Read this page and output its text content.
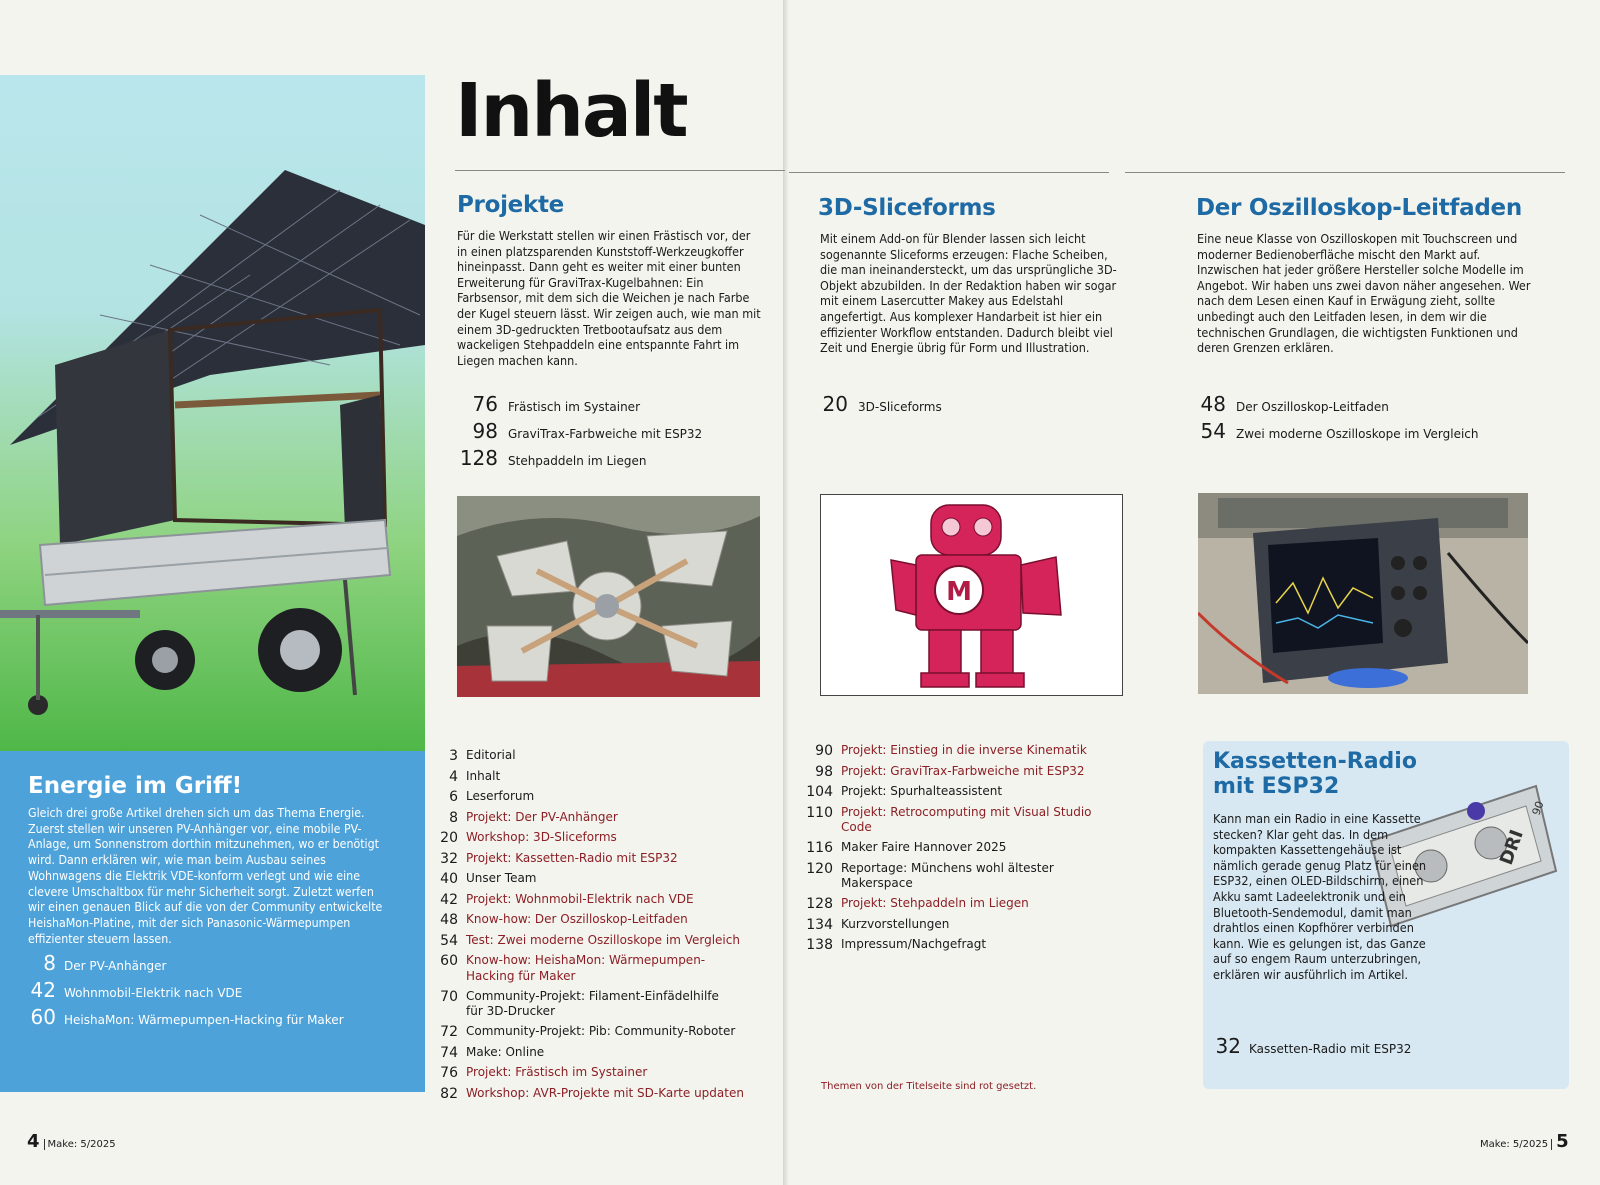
Energie im Griff!
Gleich drei große Artikel drehen sich um das Thema Energie. Zuerst stellen wir unseren PV-Anhänger vor, eine mobile PV-Anlage, um Sonnenstrom dorthin mitzunehmen, wo er benötigt wird. Dann erklären wir, wie man beim Ausbau seines Wohnwagens die Elektrik VDE-konform verlegt und wie eine clevere Umschaltbox für mehr Sicherheit sorgt. Zuletzt werfen wir einen genauen Blick auf die von der Community entwickelte HeishaMon-Platine, mit der sich Panasonic-Wärmepumpen effizienter steuern lassen.
8 Der PV-Anhänger
42 Wohnmobil-Elektrik nach VDE
60 HeishaMon: Wärmepumpen-Hacking für Maker
Inhalt
Projekte
Für die Werkstatt stellen wir einen Frästisch vor, der in einen platzsparenden Kunststoff-Werkzeugkoffer hineinpasst. Dann geht es weiter mit einer bunten Erweiterung für GraviTrax-Kugelbahnen: Ein Farbsensor, mit dem sich die Weichen je nach Farbe der Kugel steuern lässt. Wir zeigen auch, wie man mit einem 3D-gedruckten Tretbootaufsatz aus dem wackeligen Stehpaddeln eine entspannte Fahrt im Liegen machen kann.
76 Frästisch im Systainer
98 GraviTrax-Farbweiche mit ESP32
128 Stehpaddeln im Liegen
3D-Sliceforms
Mit einem Add-on für Blender lassen sich leicht sogenannte Sliceforms erzeugen: Flache Scheiben, die man ineinandersteckt, um das ursprüngliche 3D-Objekt abzubilden. In der Redaktion haben wir sogar mit einem Lasercutter Makey aus Edelstahl angefertigt. Aus komplexer Handarbeit ist hier ein effizienter Workflow entstanden. Dadurch bleibt viel Zeit und Energie übrig für Form und Illustration.
20 3D-Sliceforms
M
Der Oszilloskop-Leitfaden
Eine neue Klasse von Oszilloskopen mit Touchscreen und moderner Bedienoberfläche mischt den Markt auf. Inzwischen hat jeder größere Hersteller solche Modelle im Angebot. Wir haben uns zwei davon näher angesehen. Wer nach dem Lesen einen Kauf in Erwägung zieht, sollte unbedingt auch den Leitfaden lesen, in dem wir die technischen Grundlagen, die wichtigsten Funktionen und deren Grenzen erklären.
48 Der Oszilloskop-Leitfaden
54 Zwei moderne Oszilloskope im Vergleich
3 Editorial
4 Inhalt
6 Leserforum
8 Projekt: Der PV-Anhänger
20 Workshop: 3D-Sliceforms
32 Projekt: Kassetten-Radio mit ESP32
40 Unser Team
42 Projekt: Wohnmobil-Elektrik nach VDE
48 Know-how: Der Oszilloskop-Leitfaden
54 Test: Zwei moderne Oszilloskope im Vergleich
60 Know-how: HeishaMon: Wärmepumpen-
Hacking für Maker
70 Community-Projekt: Filament-Einfädelhilfe
für 3D-Drucker
72 Community-Projekt: Pib: Community-Roboter
74 Make: Online
76 Projekt: Frästisch im Systainer
82 Workshop: AVR-Projekte mit SD-Karte updaten
90 Projekt: Einstieg in die inverse Kinematik
98 Projekt: GraviTrax-Farbweiche mit ESP32
104 Projekt: Spurhalteassistent
110 Projekt: Retrocomputing mit Visual Studio
Code
116 Maker Faire Hannover 2025
120 Reportage: Münchens wohl ältester
Makerspace
128 Projekt: Stehpaddeln im Liegen
134 Kurzvorstellungen
138 Impressum/Nachgefragt
Themen von der Titelseite sind rot gesetzt.
Kassetten-Radio
mit ESP32
DRI
90
Kann man ein Radio in eine Kassette stecken? Klar geht das. In dem kompakten Kassettengehäuse ist nämlich gerade genug Platz für einen ESP32, einen OLED-Bildschirm, einen Akku samt Ladeelektronik und ein Bluetooth-Sendemodul, damit man drahtlos einen Kopfhörer verbinden kann. Wie es gelungen ist, das Ganze auf so engem Raum unterzubringen, erklären wir ausführlich im Artikel.
32 Kassetten-Radio mit ESP32
4 Make: 5/2025	Make: 5/2025 5
